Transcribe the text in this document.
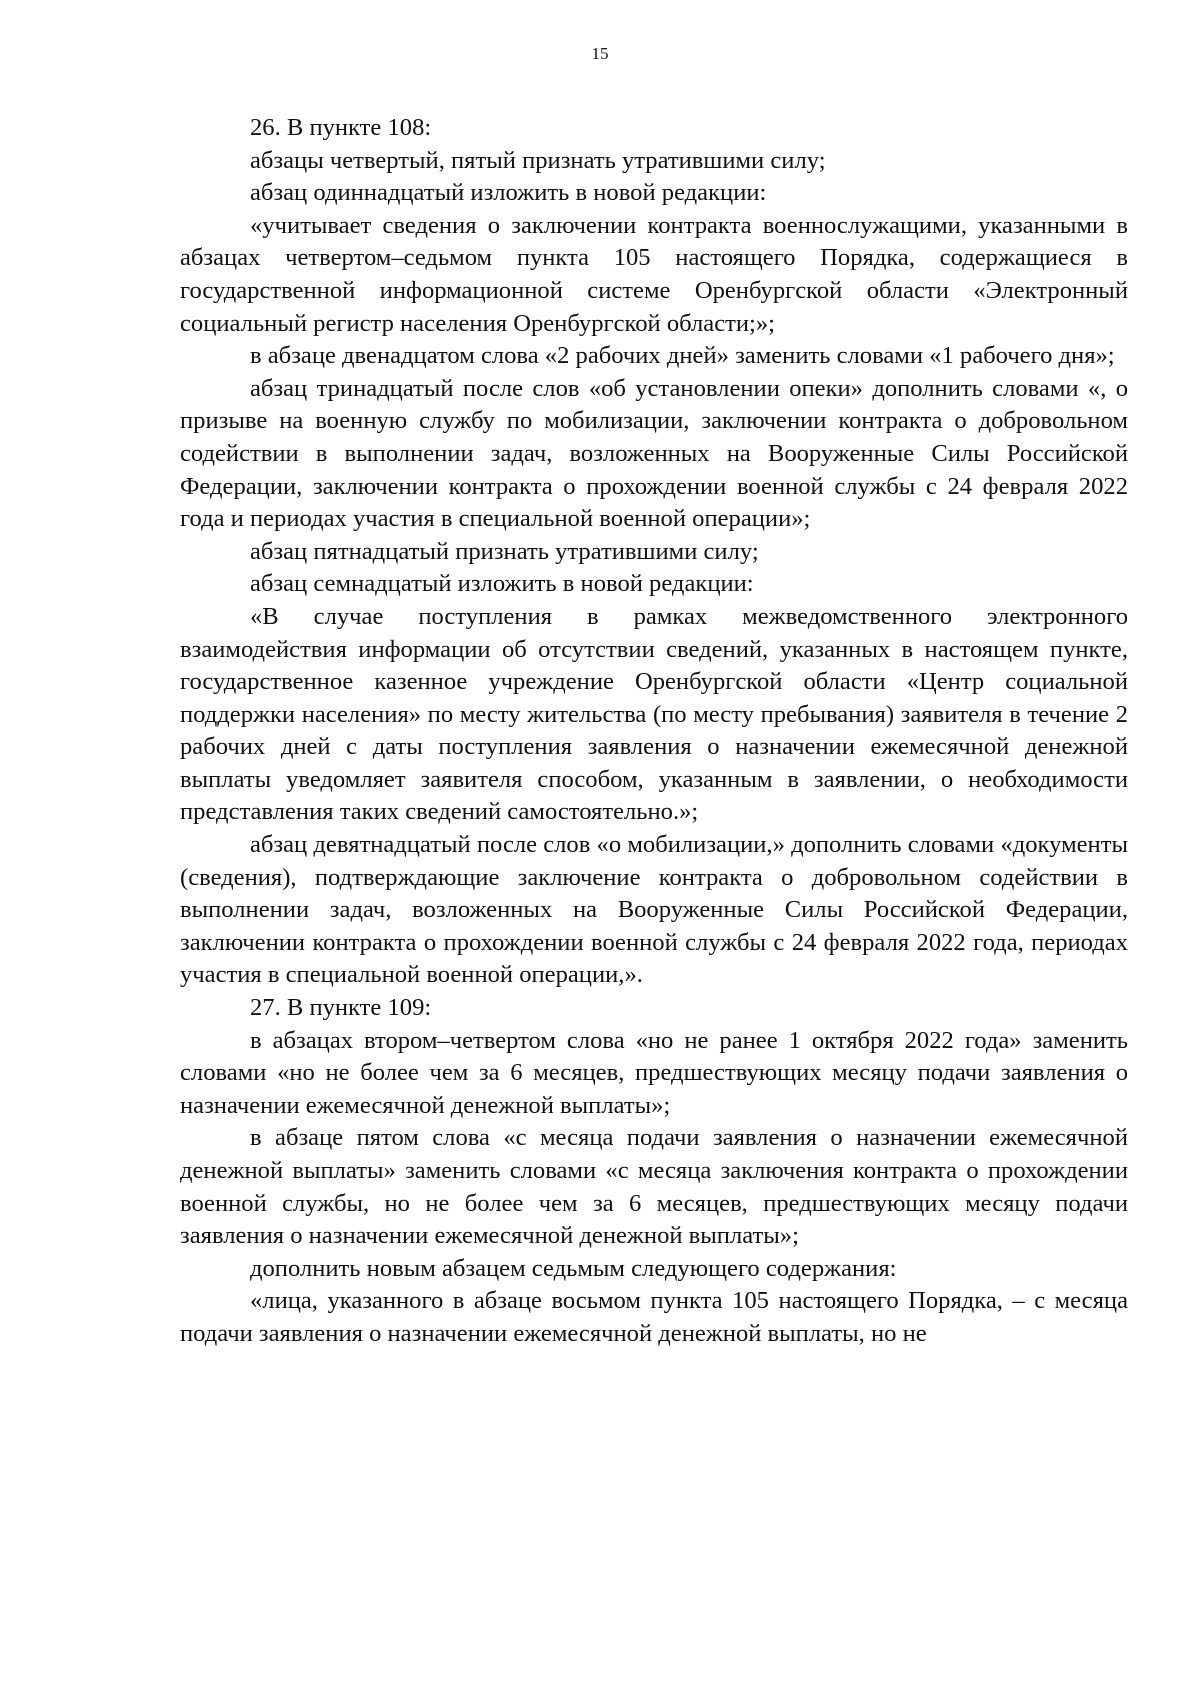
15

26. В пункте 108:

абзацы четвертый, пятый признать утратившими силу;

абзац одиннадцатый изложить в новой редакции:

«учитывает сведения о заключении контракта военнослужащими, указанными в абзацах четвертом–седьмом пункта 105 настоящего Порядка, содержащиеся в государственной информационной системе Оренбургской области «Электронный социальный регистр населения Оренбургской области;»;

в абзаце двенадцатом слова «2 рабочих дней» заменить словами «1 рабочего дня»;

абзац тринадцатый после слов «об установлении опеки» дополнить словами «, о призыве на военную службу по мобилизации, заключении контракта о добровольном содействии в выполнении задач, возложенных на Вооруженные Силы Российской Федерации, заключении контракта о прохождении военной службы с 24 февраля 2022 года и периодах участия в специальной военной операции»;

абзац пятнадцатый признать утратившими силу;

абзац семнадцатый изложить в новой редакции:

«В случае поступления в рамках межведомственного электронного взаимодействия информации об отсутствии сведений, указанных в настоящем пункте, государственное казенное учреждение Оренбургской области «Центр социальной поддержки населения» по месту жительства (по месту пребывания) заявителя в течение 2 рабочих дней с даты поступления заявления о назначении ежемесячной денежной выплаты уведомляет заявителя способом, указанным в заявлении, о необходимости представления таких сведений самостоятельно.»;

абзац девятнадцатый после слов «о мобилизации,» дополнить словами «документы (сведения), подтверждающие заключение контракта о добровольном содействии в выполнении задач, возложенных на Вооруженные Силы Российской Федерации, заключении контракта о прохождении военной службы с 24 февраля 2022 года, периодах участия в специальной военной операции,».

27. В пункте 109:

в абзацах втором–четвертом слова «но не ранее 1 октября 2022 года» заменить словами «но не более чем за 6 месяцев, предшествующих месяцу подачи заявления о назначении ежемесячной денежной выплаты»;

в абзаце пятом слова «с месяца подачи заявления о назначении ежемесячной денежной выплаты» заменить словами «с месяца заключения контракта о прохождении военной службы, но не более чем за 6 месяцев, предшествующих месяцу подачи заявления о назначении ежемесячной денежной выплаты»;

дополнить новым абзацем седьмым следующего содержания:

«лица, указанного в абзаце восьмом пункта 105 настоящего Порядка, – с месяца подачи заявления о назначении ежемесячной денежной выплаты, но не
